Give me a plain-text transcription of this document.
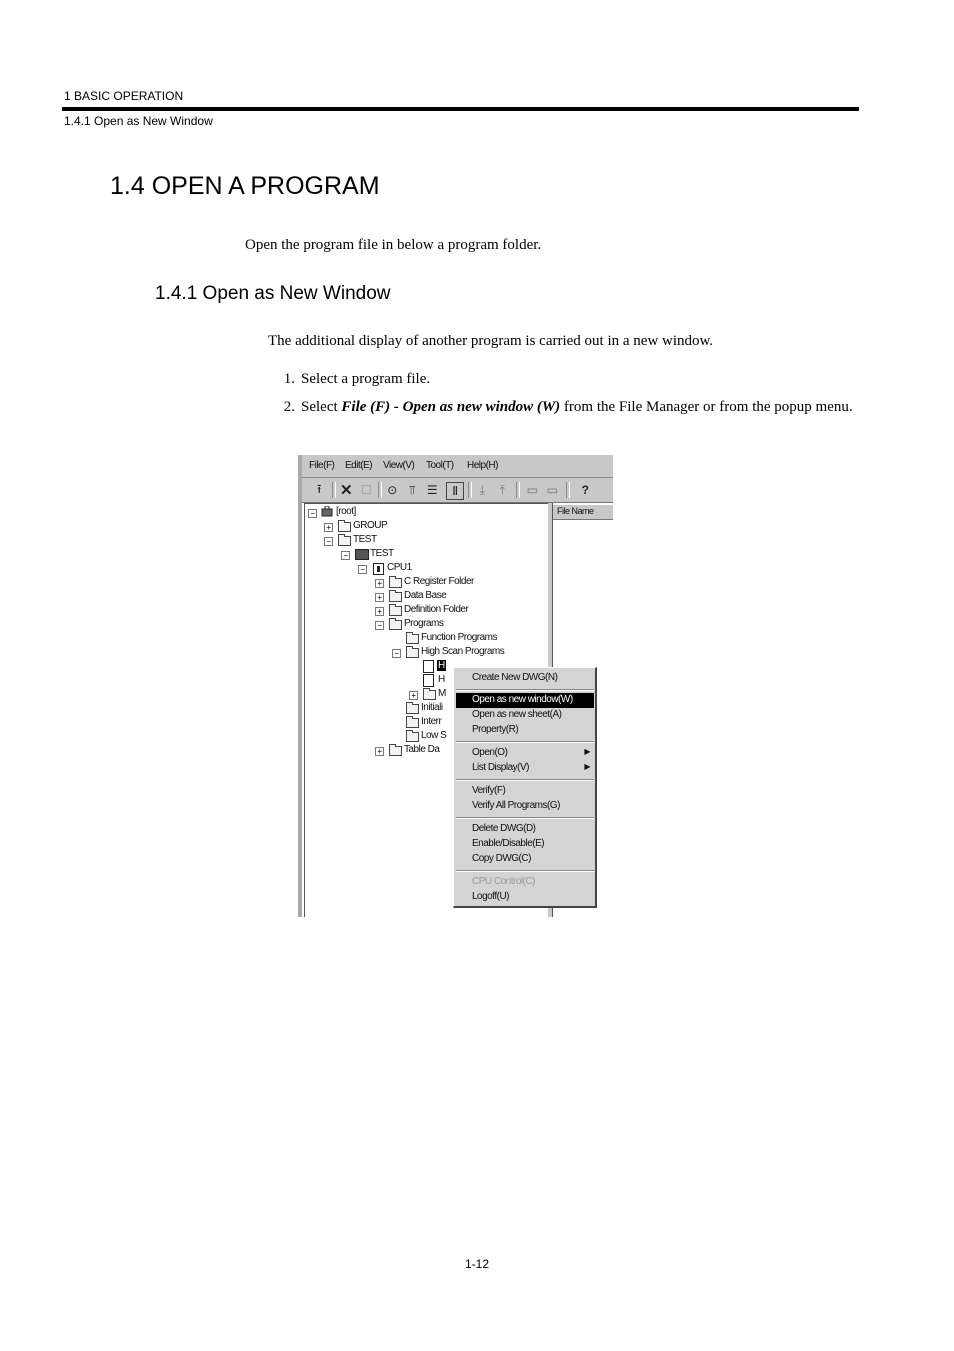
1 BASIC OPERATION
1.4.1 Open as New Window
1.4 OPEN A PROGRAM
Open the program file in below a program folder.
1.4.1 Open as New Window
The additional display of another program is carried out in a new window.
1. Select a program file.
2. Select File (F) - Open as new window (W) from the File Manager or from the popup menu.
File(F) Edit(E) View(V) Tool(T) Help(H)
⭱	✕ ☐ ⊙	⫪ ☰	Ⅱ	⤓	⤒	▭ ▭	?
− [root]
+ GROUP
− TEST
− TEST
− CPU1
+ C Register Folder
+ Data Base
+ Definition Folder
− Programs
Function Programs
− High Scan Programs
H
H
+ M
Initiali
Interr
Low S
+ Table Da
File Name
Create New DWG(N)
Open as new window(W)
Open as new sheet(A)
Property(R)
Open(O)	▶
List Display(V)	▶
Verify(F)
Verify All Programs(G)
Delete DWG(D)
Enable/Disable(E)
Copy DWG(C)
CPU Control(C)
Logoff(U)
1-12
